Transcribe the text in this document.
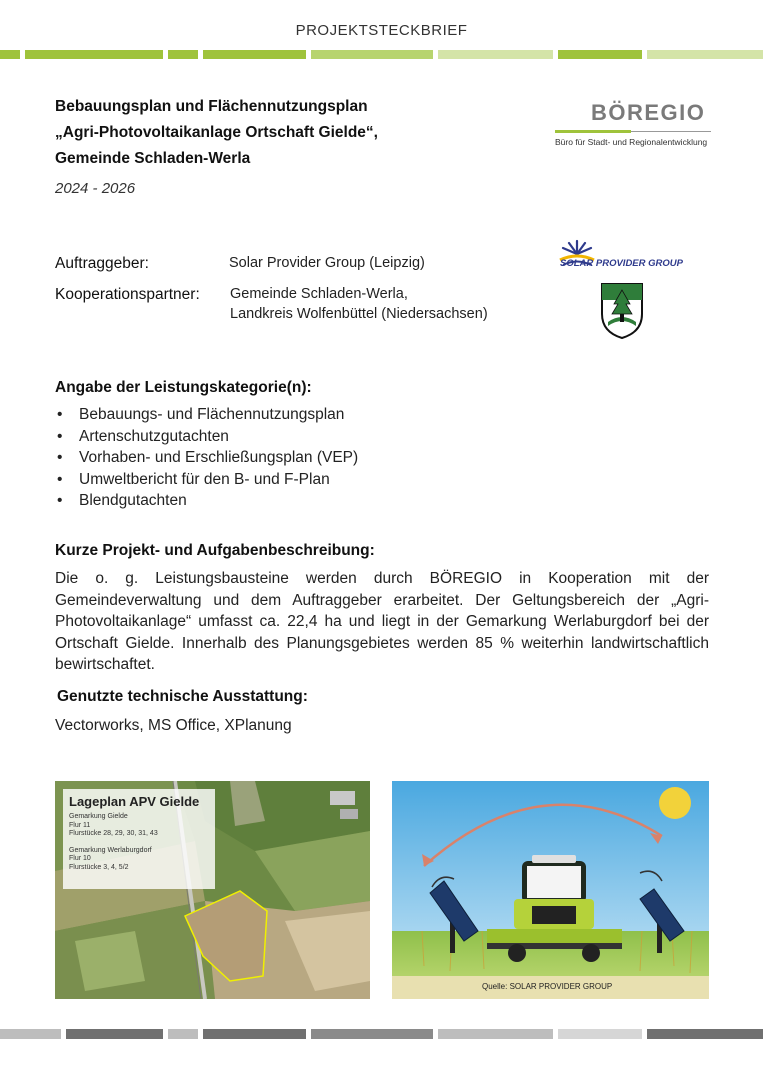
PROJEKTSTECKBRIEF
Bebauungsplan und Flächennutzungsplan
„Agri-Photovoltaikanlage Ortschaft Gielde“,
Gemeinde Schladen-Werla
2024 - 2026
BÖREGIO
Büro für Stadt- und Regionalentwicklung
Auftraggeber:	Solar Provider Group (Leipzig)
Kooperationspartner: Gemeinde Schladen-Werla,
Landkreis Wolfenbüttel (Niedersachsen)
SOLAR PROVIDER GROUP
Angabe der Leistungskategorie(n):
• Bebauungs- und Flächennutzungsplan
• Artenschutzgutachten
• Vorhaben- und Erschließungsplan (VEP)
• Umweltbericht für den B- und F-Plan
• Blendgutachten
Kurze Projekt- und Aufgabenbeschreibung:
Die o. g. Leistungsbausteine werden durch BÖREGIO in Kooperation mit der Gemeindeverwaltung und dem Auftraggeber erarbeitet. Der Geltungsbereich der „Agri-Photovoltaikanlage“ umfasst ca. 22,4 ha und liegt in der Gemarkung Werlaburgdorf bei der Ortschaft Gielde. Innerhalb des Planungsgebietes werden 85 % weiterhin landwirtschaftlich bewirtschaftet.
Genutzte technische Ausstattung:
Vectorworks, MS Office, XPlanung
Lageplan APV Gielde
Gemarkung Gielde
Flur 11
Flurstücke 28, 29, 30, 31, 43
Gemarkung Werlaburgdorf
Flur 10
Flurstücke 3, 4, 5/2
Quelle: SOLAR PROVIDER GROUP
